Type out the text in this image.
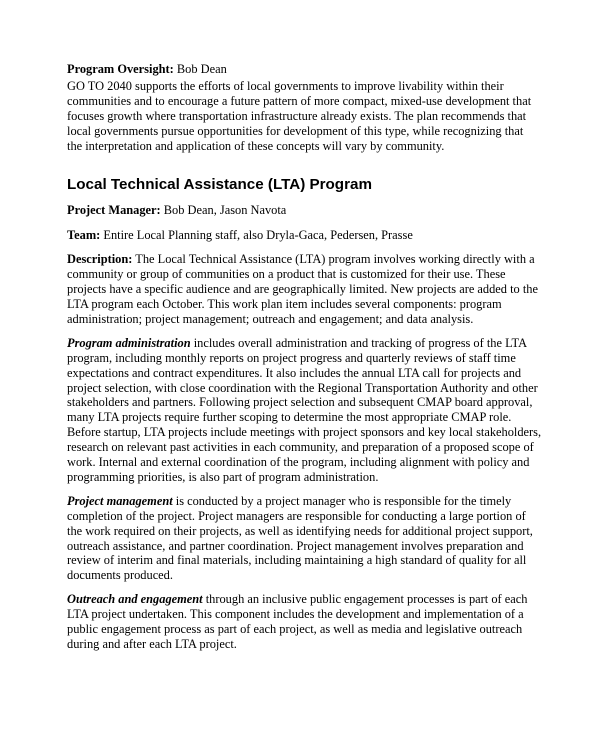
Program Oversight: Bob Dean

GO TO 2040 supports the efforts of local governments to improve livability within their
communities and to encourage a future pattern of more compact, mixed-use development that
focuses growth where transportation infrastructure already exists. The plan recommends that
local governments pursue opportunities for development of this type, while recognizing that
the interpretation and application of these concepts will vary by community.

Local Technical Assistance (LTA) Program

Project Manager: Bob Dean, Jason Navota

Team: Entire Local Planning staff, also Dryla-Gaca, Pedersen, Prasse

Description: The Local Technical Assistance (LTA) program involves working directly with a
community or group of communities on a product that is customized for their use. These
projects have a specific audience and are geographically limited. New projects are added to the
LTA program each October. This work plan item includes several components: program
administration; project management; outreach and engagement; and data analysis.

Program administration includes overall administration and tracking of progress of the LTA
program, including monthly reports on project progress and quarterly reviews of staff time
expectations and contract expenditures. It also includes the annual LTA call for projects and
project selection, with close coordination with the Regional Transportation Authority and other
stakeholders and partners. Following project selection and subsequent CMAP board approval,
many LTA projects require further scoping to determine the most appropriate CMAP role.
Before startup, LTA projects include meetings with project sponsors and key local stakeholders,
research on relevant past activities in each community, and preparation of a proposed scope of
work. Internal and external coordination of the program, including alignment with policy and
programming priorities, is also part of program administration.

Project management is conducted by a project manager who is responsible for the timely
completion of the project. Project managers are responsible for conducting a large portion of
the work required on their projects, as well as identifying needs for additional project support,
outreach assistance, and partner coordination. Project management involves preparation and
review of interim and final materials, including maintaining a high standard of quality for all
documents produced.

Outreach and engagement through an inclusive public engagement processes is part of each
LTA project undertaken. This component includes the development and implementation of a
public engagement process as part of each project, as well as media and legislative outreach
during and after each LTA project.
